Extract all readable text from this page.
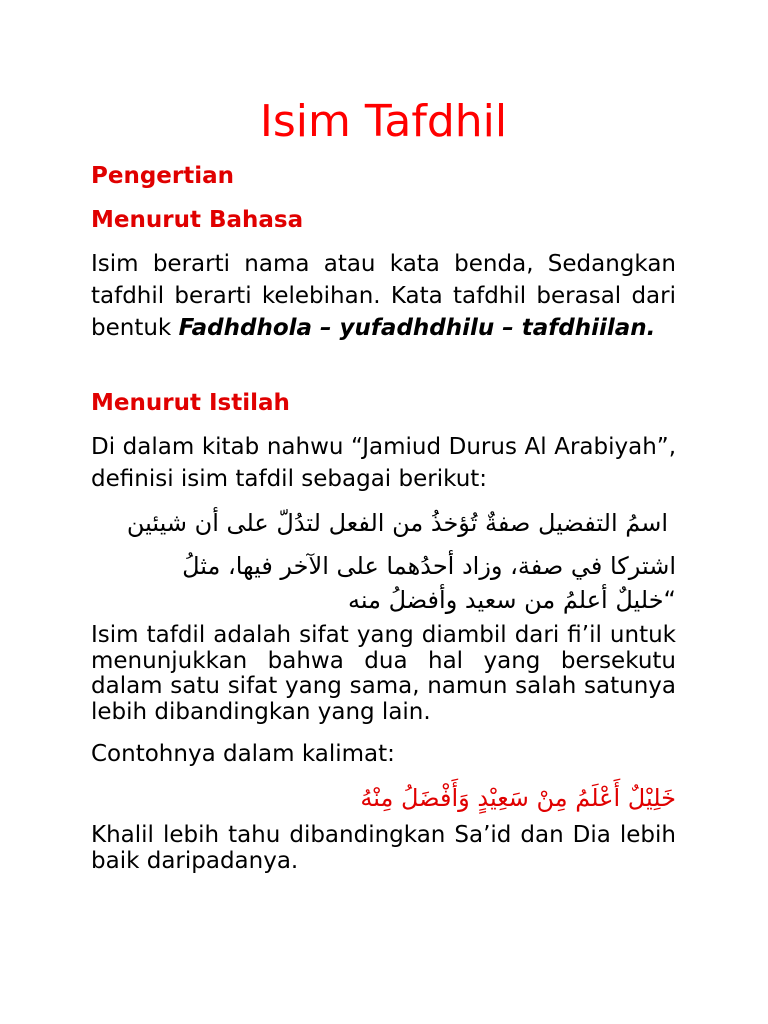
Isim Tafdhil
Pengertian
Menurut Bahasa

Isim berarti nama atau kata benda, Sedangkan tafdhil berarti kelebihan. Kata tafdhil berasal dari bentuk Fadhdhola – yufadhdhilu – tafdhiilan.

Menurut Istilah

Di dalam kitab nahwu “Jamiud Durus Al Arabiyah”, definisi isim tafdil sebagai berikut:

اسمُ التفضيل صفةٌ تُؤخذُ من الفعل لتدُلّ على أن شيئين

اشتركا في صفة، وزاد أحدُهما على الآخر فيها، مثلُ

“خليلٌ أعلمُ من سعيد وأفضلُ منه

Isim tafdil adalah sifat yang diambil dari fi’il untuk menunjukkan bahwa dua hal yang bersekutu dalam satu sifat yang sama, namun salah satunya lebih dibandingkan yang lain.

Contohnya dalam kalimat:

خَلِيْلٌ أَعْلَمُ مِنْ سَعِيْدٍ وَأَفْضَلُ مِنْهُ

Khalil lebih tahu dibandingkan Sa’id dan Dia lebih baik daripadanya.
